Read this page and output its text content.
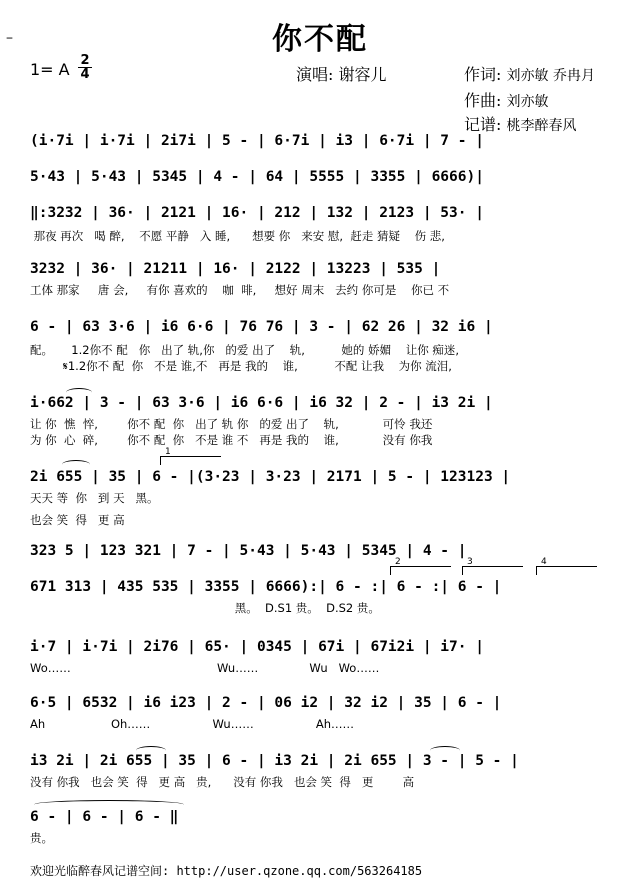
–	你不配
1= A 2
4	演唱: 谢容儿	作词: 刘亦敏 乔冉月
作曲: 刘亦敏
记谱: 桃李醉春风
(i·7i | i·7i | 2i7i | 5 - | 6·7i | i3 | 6·7i | 7 - |
5·43 | 5·43 | 5345 | 4 - | 64 | 5555 | 3355 | 6666)|
‖:3232 | 36· | 2121 | 16· | 212 | 132 | 2123 | 53· |
那夜 再次   喝 醉,    不愿 平静   入 睡,      想要 你   来安 慰,  赶走 猜疑    伤 悲,
3232 | 36· | 21211 | 16· | 2122 | 13223 | 535 |
工体 那家     唐 会,     有你 喜欢的    咖  啡,     想好 周末   去约 你可是    你已 不
6 - | 63 3·6 | i6 6·6 | 76 76 | 3 - | 62 26 | 32 i6 |
配。     1.2你不 配   你   出了 轨,你   的爱 出了    轨,          她的 娇媚    让你 痴迷,
𝄋1.2你不 配  你   不是 谁,不   再是 我的    谁,          不配 让我    为你 流泪,
i·662 | 3 - | 63 3·6 | i6 6·6 | i6 32 | 2 - | i3 2i |
让 你  憔  悴,        你不 配  你   出了 轨 你   的爱 出了    轨,            可怜 我还
为 你  心  碎,        你不 配  你   不是 谁 不   再是 我的    谁,            没有 你我
1
2i 655 | 35 | 6 - |(3·23 | 3·23 | 2171 | 5 - | 123123 |
天天 等  你   到 天   黑。
也会 笑  得   更 高
323 5 | 123 321 | 7 - | 5·43 | 5·43 | 5345 | 4 - |
2	3	4
671 313 | 435 535 | 3355 | 6666):| 6 - :| 6 - :| 6 - |
黑。  D.S1 贵。  D.S2 贵。
i·7 | i·7i | 2i76 | 65· | 0345 | 67i | 67i2i | i7· |
Wo……                                        Wu……              Wu   Wo……
6·5 | 6532 | i6 i23 | 2 - | 06 i2 | 32 i2 | 35 | 6 - |
Ah                  Oh……                 Wu……                 Ah……
i3 2i | 2i 655 | 35 | 6 - | i3 2i | 2i 655 | 3 - | 5 - |
没有 你我   也会 笑  得   更 高   贵,      没有 你我   也会 笑  得   更        高
6 - | 6 - | 6 - ‖
贵。
欢迎光临醉春风记谱空间: http://user.qzone.qq.com/563264185
